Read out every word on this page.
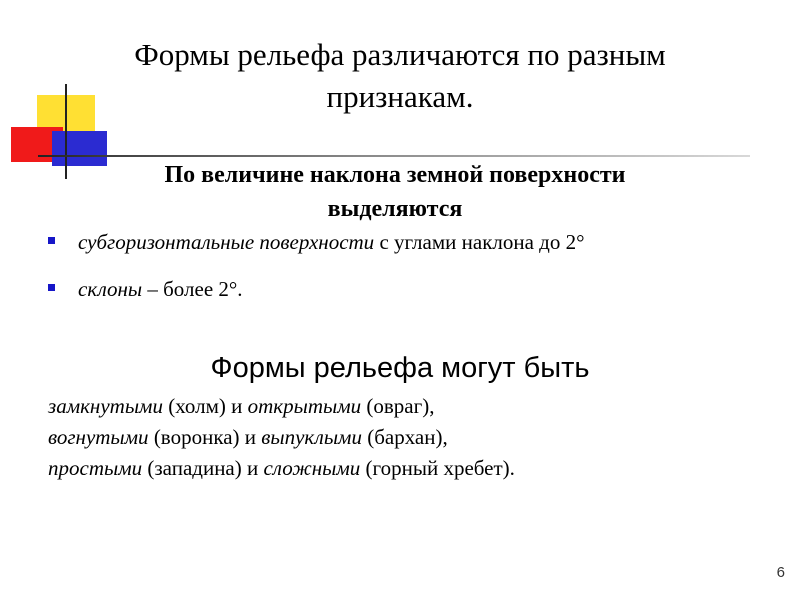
Формы рельефа различаются по разным признакам.
По величине наклона земной поверхности выделяются
субгоризонтальные поверхности с углами наклона до 2°
склоны – более 2°.
Формы рельефа могут быть
замкнутыми (холм) и открытыми (овраг),
вогнутыми (воронка) и выпуклыми (бархан),
простыми (западина) и сложными (горный хребет).
6
